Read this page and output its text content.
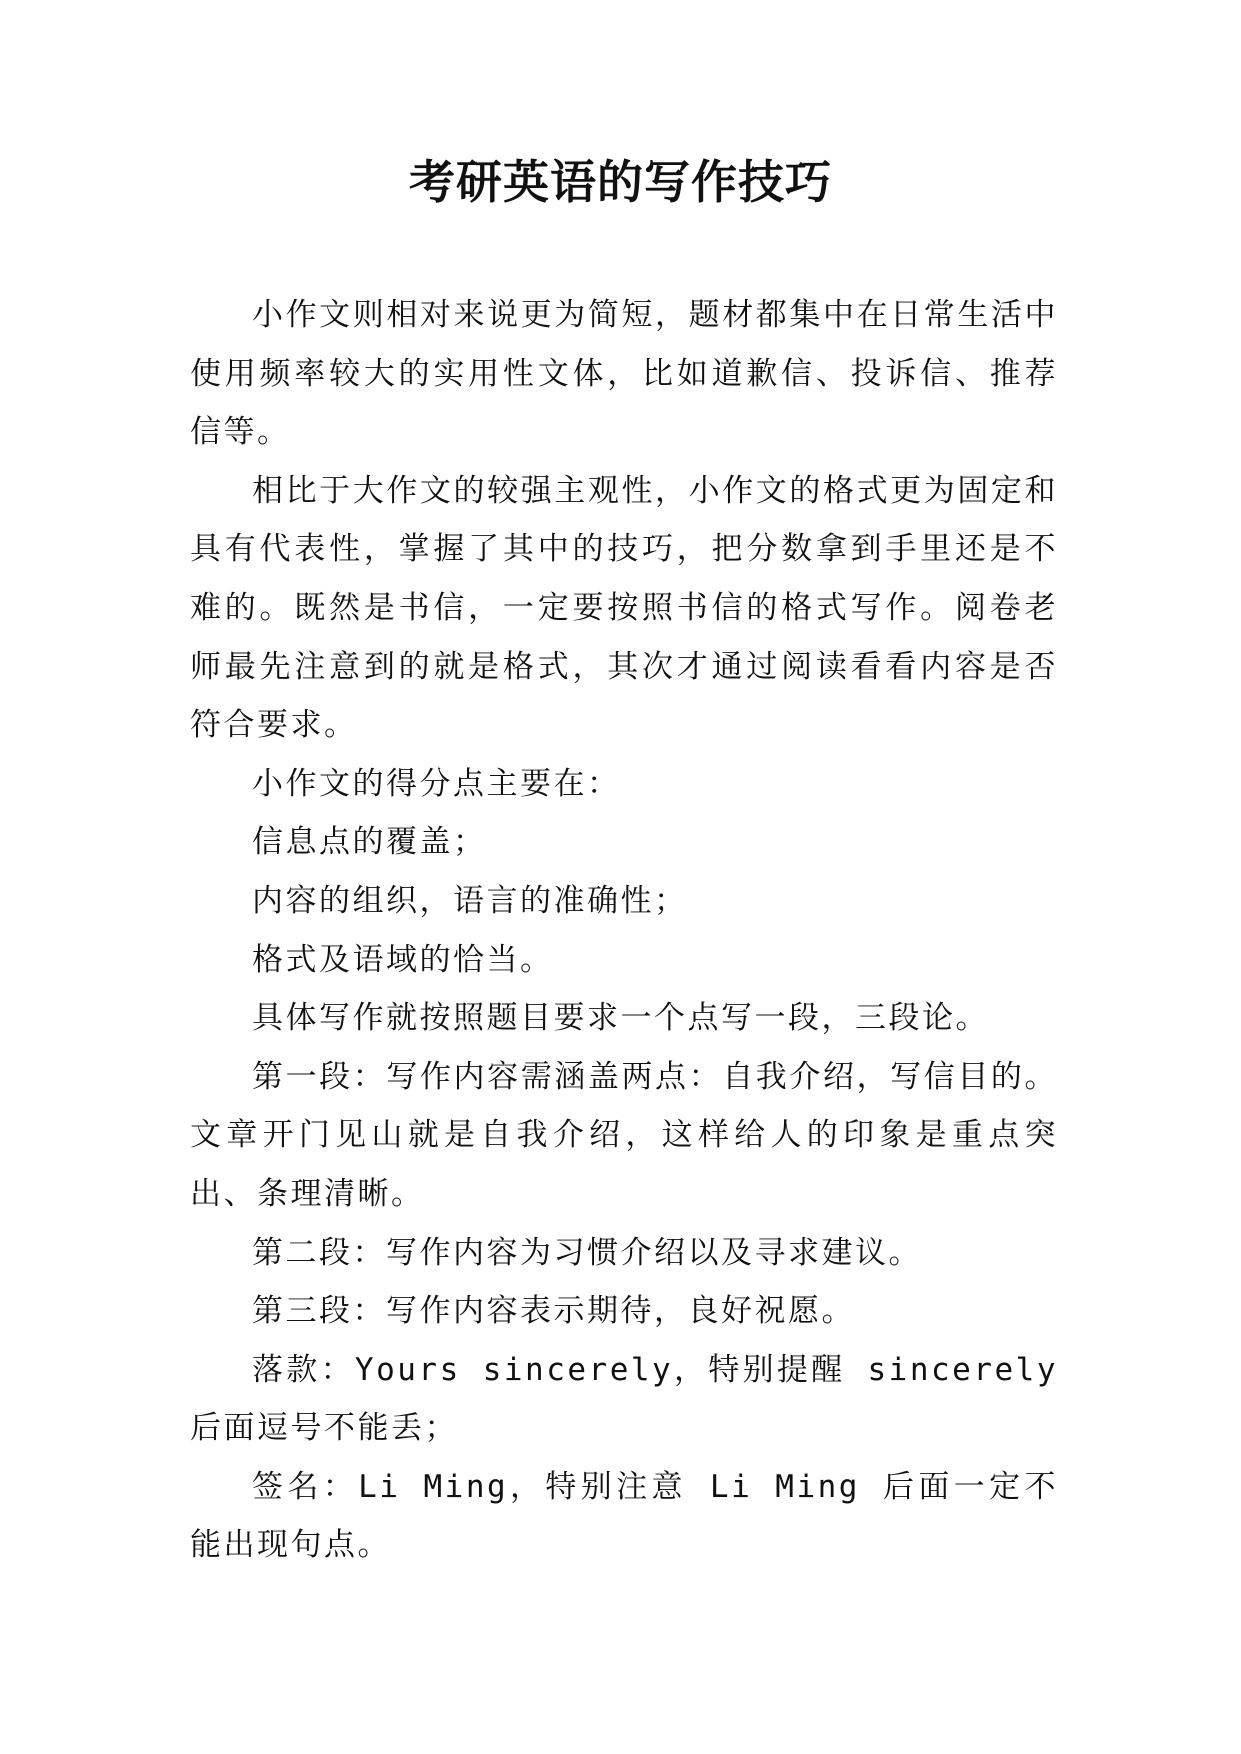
考研英语的写作技巧

小作文则相对来说更为简短，题材都集中在日常生活中使用频率较大的实用性文体，比如道歉信、投诉信、推荐信等。

相比于大作文的较强主观性，小作文的格式更为固定和具有代表性，掌握了其中的技巧，把分数拿到手里还是不难的。既然是书信，一定要按照书信的格式写作。阅卷老师最先注意到的就是格式，其次才通过阅读看看内容是否符合要求。

小作文的得分点主要在：

信息点的覆盖；

内容的组织，语言的准确性；

格式及语域的恰当。

具体写作就按照题目要求一个点写一段，三段论。

第一段：写作内容需涵盖两点：自我介绍，写信目的。文章开门见山就是自我介绍，这样给人的印象是重点突出、条理清晰。

第二段：写作内容为习惯介绍以及寻求建议。

第三段：写作内容表示期待，良好祝愿。

落款：Yours sincerely，特别提醒 sincerely 后面逗号不能丢；

签名：Li Ming，特别注意 Li Ming 后面一定不能出现句点。
